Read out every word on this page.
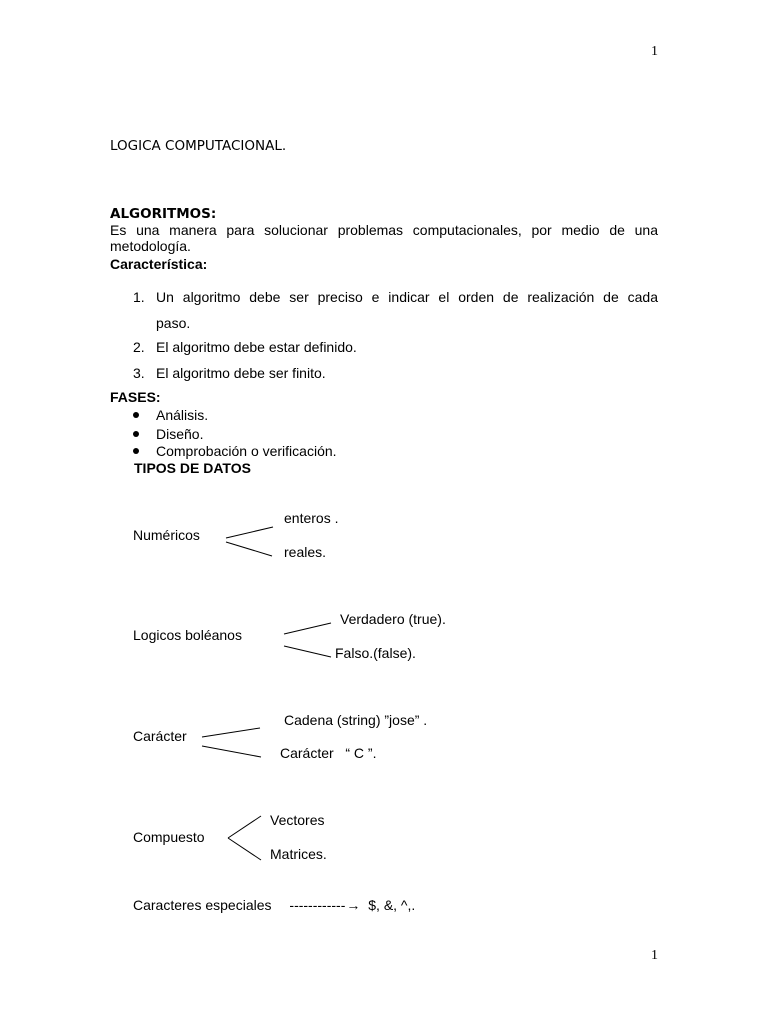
1
1
LOGICA COMPUTACIONAL.
ALGORITMOS:
Es una manera para solucionar problemas computacionales, por medio de una metodología.
Característica:
1. Un algoritmo debe ser preciso e indicar el orden de realización de cada
paso.
2. El algoritmo debe estar definido.
3. El algoritmo debe ser finito.
FASES:
Análisis.
Diseño.
Comprobación o verificación.
TIPOS DE DATOS
Numéricos
enteros .
reales.
Logicos boléanos
Verdadero (true).
Falso.(false).
Carácter
Cadena (string) ”jose” .
Carácter   “ C ”.
Compuesto
Vectores
Matrices.
Caracteres especiales ------------→ $, &, ^,.
